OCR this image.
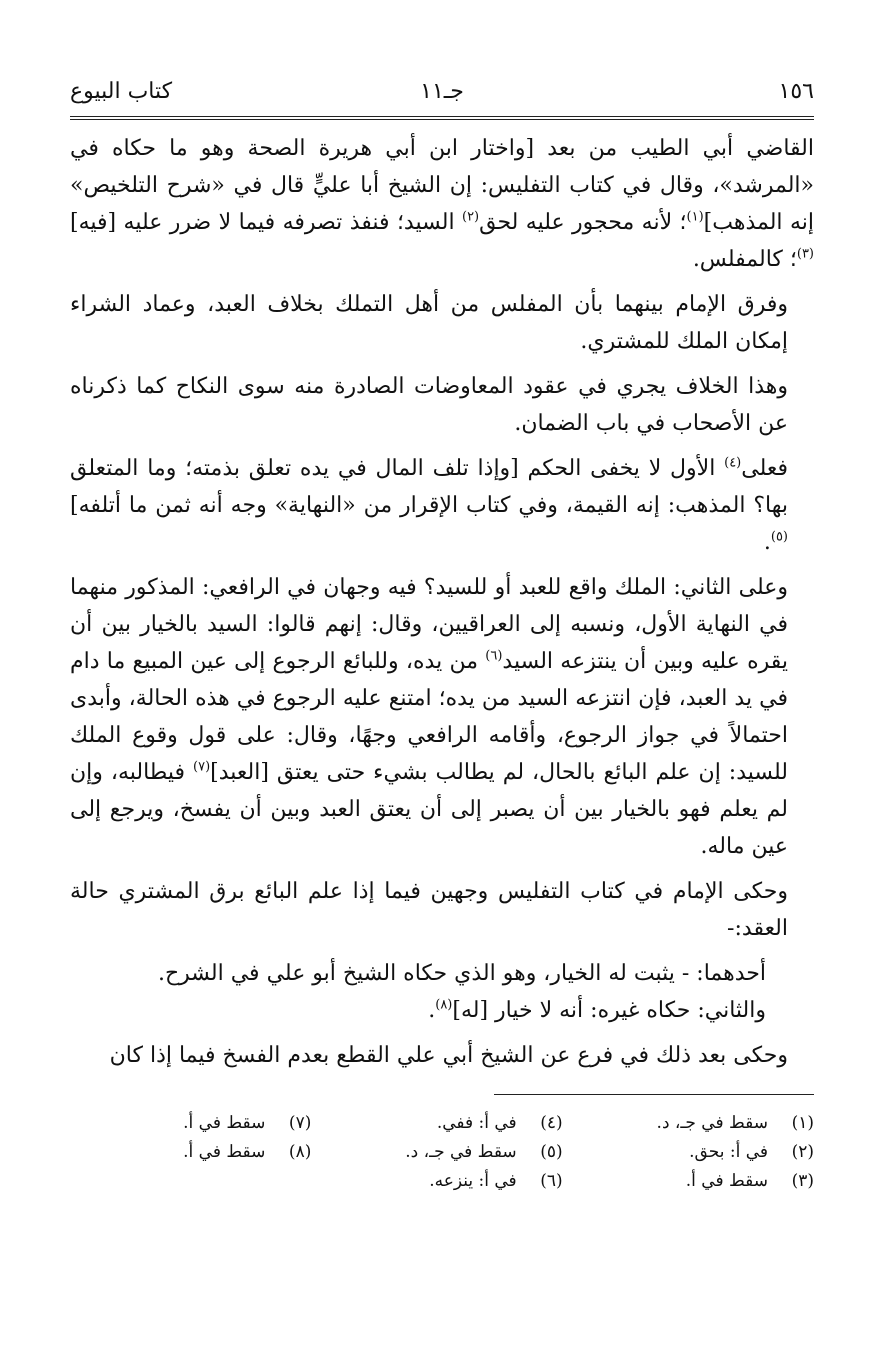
١٥٦
جـ١١
كتاب البيوع

القاضي أبي الطيب من بعد [واختار ابن أبي هريرة الصحة وهو ما حكاه في «المرشد»، وقال في كتاب التفليس: إن الشيخ أبا عليٍّ قال في «شرح التلخيص» إنه المذهب]$^{(١)}$؛ لأنه محجور عليه لحق$^{(٢)}$ السيد؛ فنفذ تصرفه فيما لا ضرر عليه [فيه]$^{(٣)}$؛ كالمفلس.

وفرق الإمام بينهما بأن المفلس من أهل التملك بخلاف العبد، وعماد الشراء إمكان الملك للمشتري.

وهذا الخلاف يجري في عقود المعاوضات الصادرة منه سوى النكاح كما ذكرناه عن الأصحاب في باب الضمان.

فعلى$^{(٤)}$ الأول لا يخفى الحكم [وإذا تلف المال في يده تعلق بذمته؛ وما المتعلق بها؟ المذهب: إنه القيمة، وفي كتاب الإقرار من «النهاية» وجه أنه ثمن ما أتلفه]$^{(٥)}$.

وعلى الثاني: الملك واقع للعبد أو للسيد؟ فيه وجهان في الرافعي: المذكور منهما في النهاية الأول، ونسبه إلى العراقيين، وقال: إنهم قالوا: السيد بالخيار بين أن يقره عليه وبين أن ينتزعه السيد$^{(٦)}$ من يده، وللبائع الرجوع إلى عين المبيع ما دام في يد العبد، فإن انتزعه السيد من يده؛ امتنع عليه الرجوع في هذه الحالة، وأبدى احتمالاً في جواز الرجوع، وأقامه الرافعي وجهًا، وقال: على قول وقوع الملك للسيد: إن علم البائع بالحال، لم يطالب بشيء حتى يعتق [العبد]$^{(٧)}$ فيطالبه، وإن لم يعلم فهو بالخيار بين أن يصبر إلى أن يعتق العبد وبين أن يفسخ، ويرجع إلى عين ماله.

وحكى الإمام في كتاب التفليس وجهين فيما إذا علم البائع برق المشتري حالة العقد:-

أحدهما: - يثبت له الخيار، وهو الذي حكاه الشيخ أبو علي في الشرح.

والثاني: حكاه غيره: أنه لا خيار [له]$^{(٨)}$.

وحكى بعد ذلك في فرع عن الشيخ أبي علي القطع بعدم الفسخ فيما إذا كان

(١)
سقط في جـ، د.
(٢)
في أ: بحق.
(٣)
سقط في أ.
(٤)
في أ: ففي.
(٥)
سقط في جـ، د.
(٦)
في أ: ينزعه.
(٧)
سقط في أ.
(٨)
سقط في أ.
